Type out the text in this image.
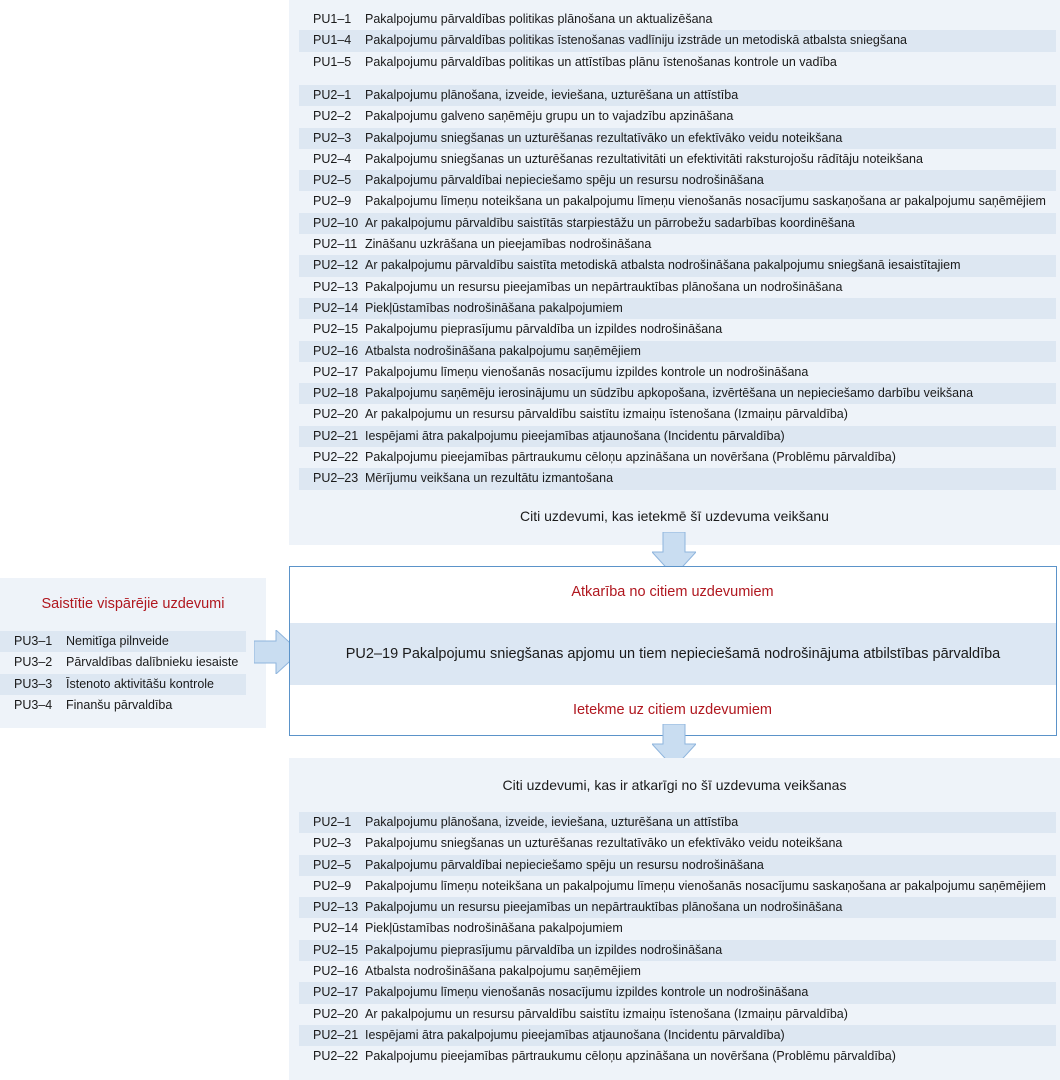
PU1–1	Pakalpojumu pārvaldības politikas plānošana un aktualizēšana
PU1–4	Pakalpojumu pārvaldības politikas īstenošanas vadlīniju izstrāde un metodiskā atbalsta sniegšana
PU1–5	Pakalpojumu pārvaldības politikas un attīstības plānu īstenošanas kontrole un vadība
PU2–1	Pakalpojumu plānošana, izveide, ieviešana, uzturēšana un attīstība
PU2–2	Pakalpojumu galveno saņēmēju grupu un to vajadzību apzināšana
PU2–3	Pakalpojumu sniegšanas un uzturēšanas rezultatīvāko un efektīvāko veidu noteikšana
PU2–4	Pakalpojumu sniegšanas un uzturēšanas rezultativitāti un efektivitāti raksturojošu rādītāju noteikšana
PU2–5	Pakalpojumu pārvaldībai nepieciešamo spēju un resursu nodrošināšana
PU2–9	Pakalpojumu līmeņu noteikšana un pakalpojumu līmeņu vienošanās nosacījumu saskaņošana ar pakalpojumu saņēmējiem
PU2–10 Ar pakalpojumu pārvaldību saistītās starpiestāžu un pārrobežu sadarbības koordinēšana
PU2–11 Zināšanu uzkrāšana un pieejamības nodrošināšana
PU2–12 Ar pakalpojumu pārvaldību saistīta metodiskā atbalsta nodrošināšana pakalpojumu sniegšanā iesaistītajiem
PU2–13 Pakalpojumu un resursu pieejamības un nepārtrauktības plānošana un nodrošināšana
PU2–14 Piekļūstamības nodrošināšana pakalpojumiem
PU2–15 Pakalpojumu pieprasījumu pārvaldība un izpildes nodrošināšana
PU2–16 Atbalsta nodrošināšana pakalpojumu saņēmējiem
PU2–17 Pakalpojumu līmeņu vienošanās nosacījumu izpildes kontrole un nodrošināšana
PU2–18 Pakalpojumu saņēmēju ierosinājumu un sūdzību apkopošana, izvērtēšana un nepieciešamo darbību veikšana
PU2–20 Ar pakalpojumu un resursu pārvaldību saistītu izmaiņu īstenošana (Izmaiņu pārvaldība)
PU2–21 Iespējami ātra pakalpojumu pieejamības atjaunošana (Incidentu pārvaldība)
PU2–22 Pakalpojumu pieejamības pārtraukumu cēloņu apzināšana un novēršana (Problēmu pārvaldība)
PU2–23 Mērījumu veikšana un rezultātu izmantošana
Citi uzdevumi, kas ietekmē šī uzdevuma veikšanu
Saistītie vispārējie uzdevumi
PU3–1	Nemitīga pilnveide
PU3–2	Pārvaldības dalībnieku iesaiste
PU3–3	Īstenoto aktivitāšu kontrole
PU3–4	Finanšu pārvaldība
Atkarība no citiem uzdevumiem
PU2–19 Pakalpojumu sniegšanas apjomu un tiem nepieciešamā nodrošinājuma atbilstības pārvaldība
Ietekme uz citiem uzdevumiem
Citi uzdevumi, kas ir atkarīgi no šī uzdevuma veikšanas
PU2–1	Pakalpojumu plānošana, izveide, ieviešana, uzturēšana un attīstība
PU2–3	Pakalpojumu sniegšanas un uzturēšanas rezultatīvāko un efektīvāko veidu noteikšana
PU2–5	Pakalpojumu pārvaldībai nepieciešamo spēju un resursu nodrošināšana
PU2–9	Pakalpojumu līmeņu noteikšana un pakalpojumu līmeņu vienošanās nosacījumu saskaņošana ar pakalpojumu saņēmējiem
PU2–13 Pakalpojumu un resursu pieejamības un nepārtrauktības plānošana un nodrošināšana
PU2–14 Piekļūstamības nodrošināšana pakalpojumiem
PU2–15 Pakalpojumu pieprasījumu pārvaldība un izpildes nodrošināšana
PU2–16 Atbalsta nodrošināšana pakalpojumu saņēmējiem
PU2–17 Pakalpojumu līmeņu vienošanās nosacījumu izpildes kontrole un nodrošināšana
PU2–20 Ar pakalpojumu un resursu pārvaldību saistītu izmaiņu īstenošana (Izmaiņu pārvaldība)
PU2–21 Iespējami ātra pakalpojumu pieejamības atjaunošana (Incidentu pārvaldība)
PU2–22 Pakalpojumu pieejamības pārtraukumu cēloņu apzināšana un novēršana (Problēmu pārvaldība)
